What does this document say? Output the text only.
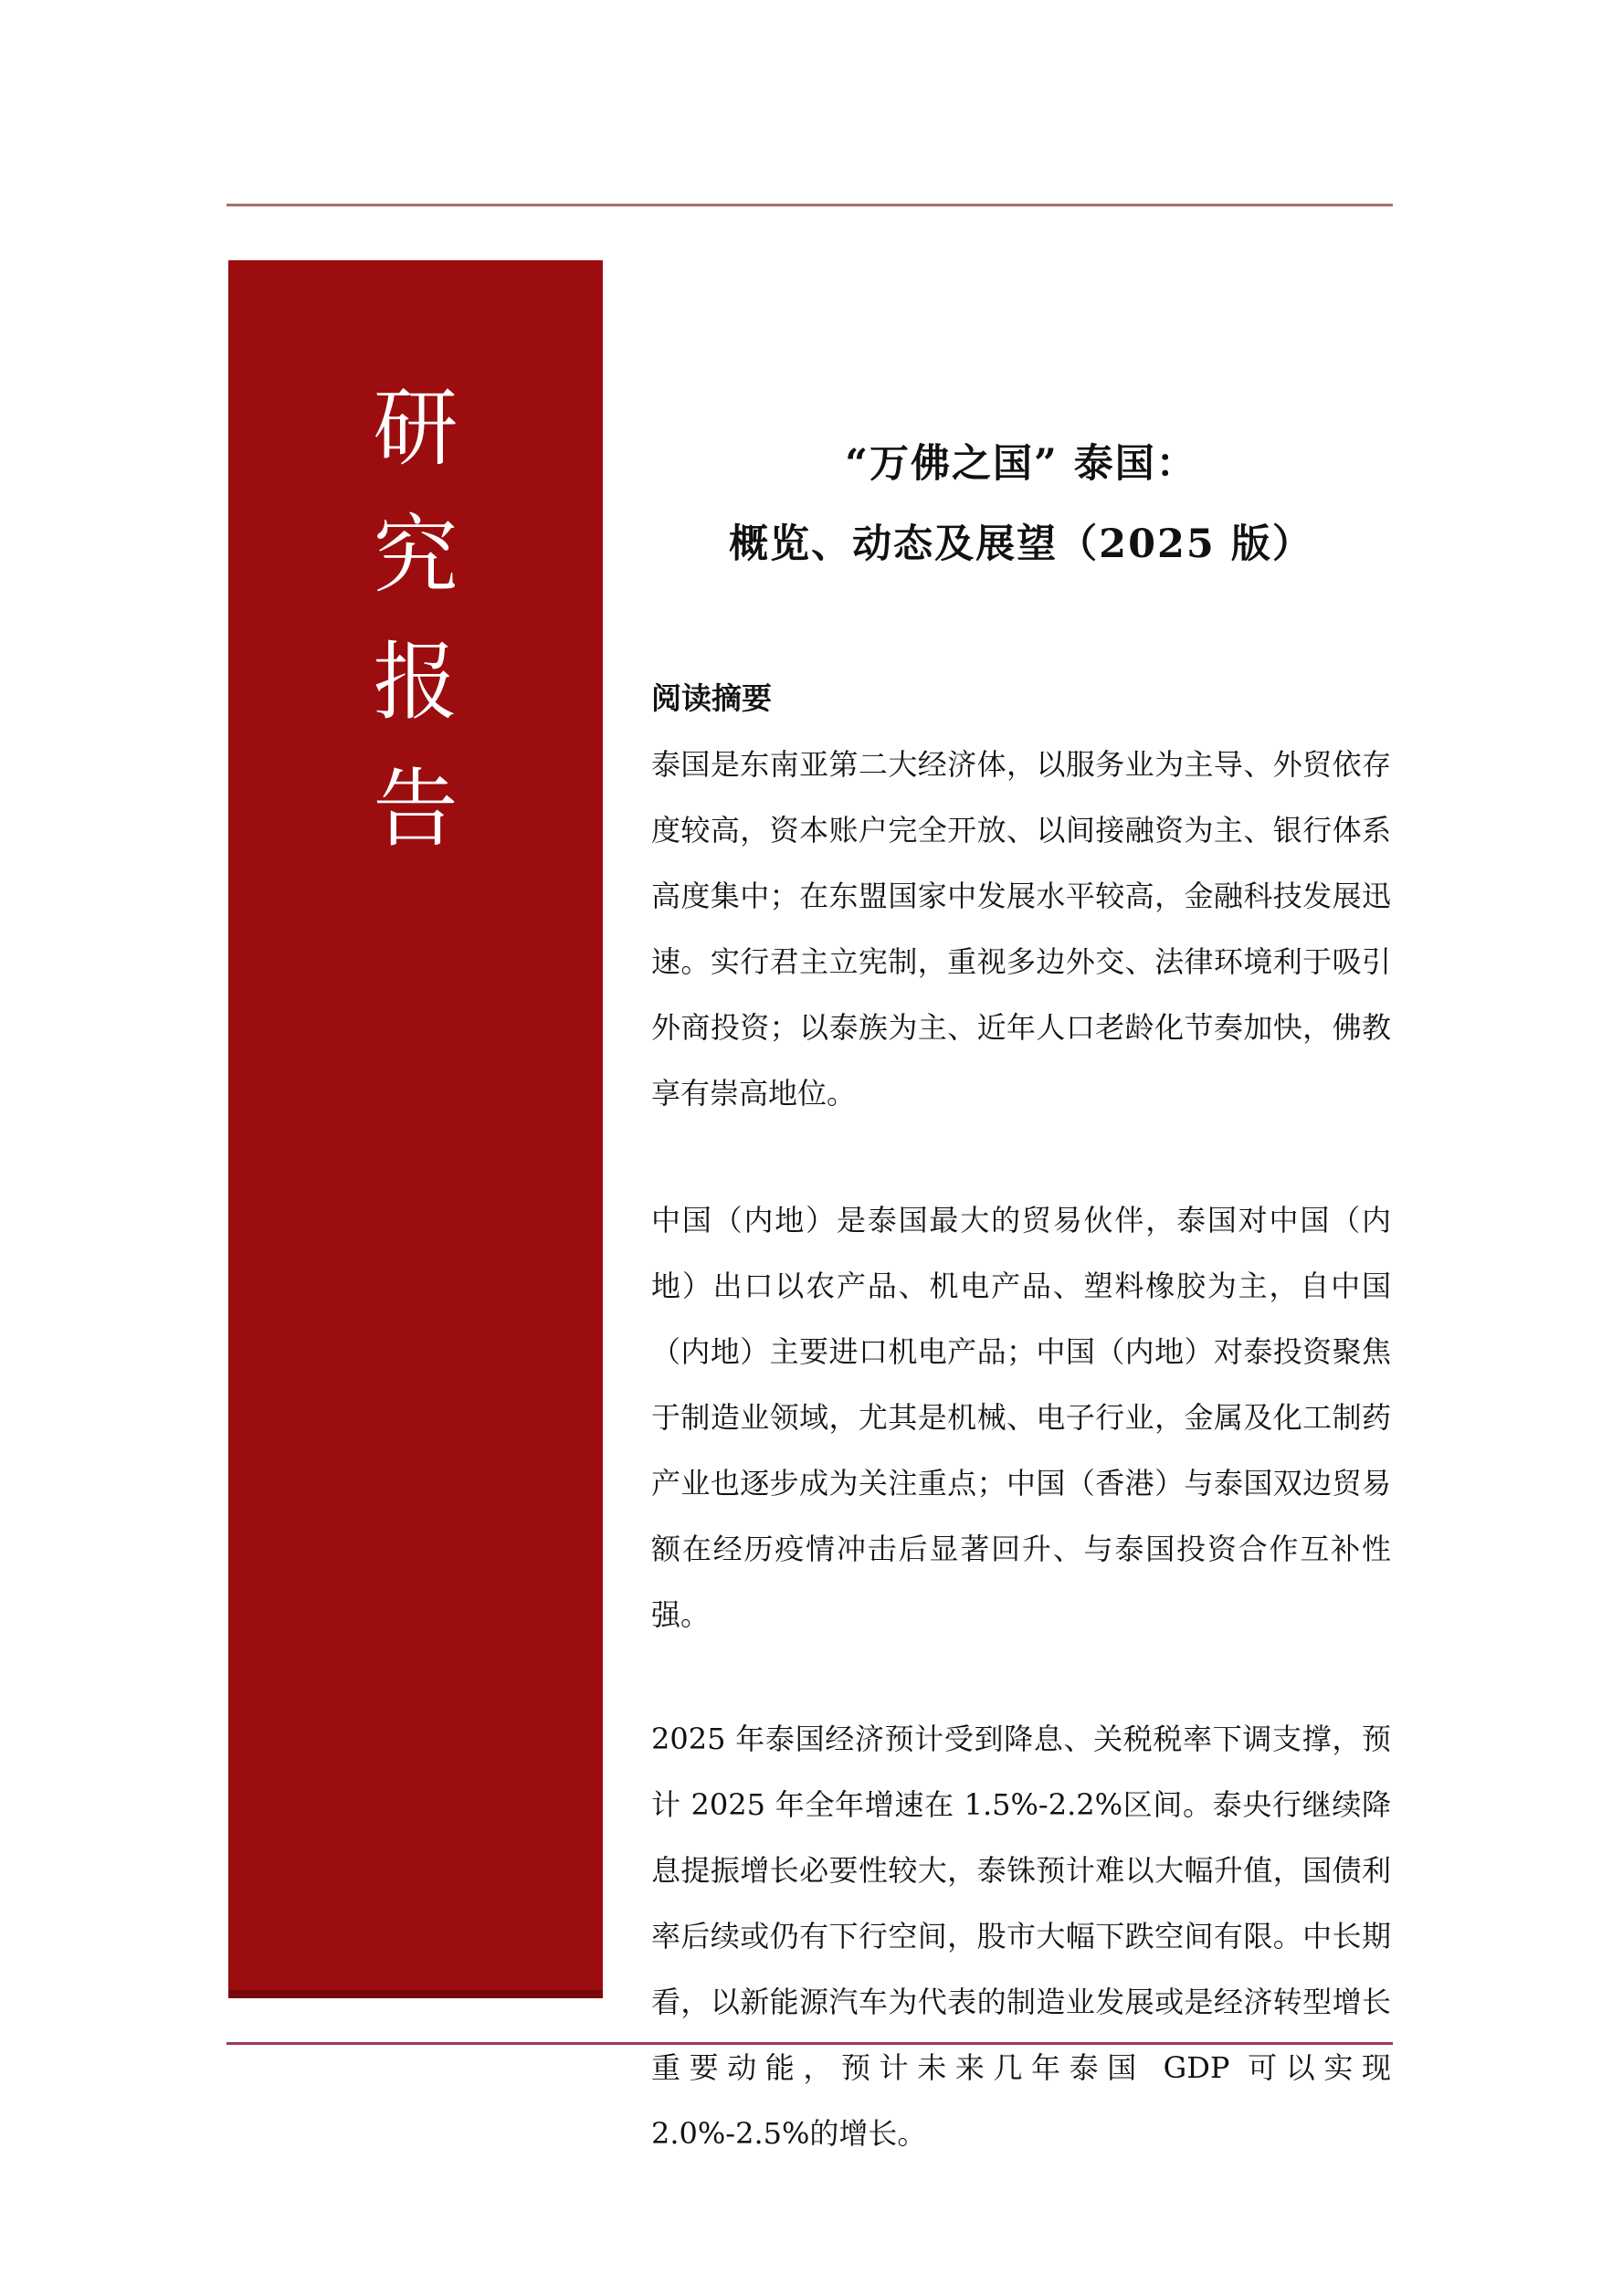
研
究
报
告
“万佛之国” 泰国：
概览、动态及展望（2025 版）
阅读摘要

泰国是东南亚第二大经济体，以服务业为主导、外贸依存度较高，资本账户完全开放、以间接融资为主、银行体系高度集中；在东盟国家中发展水平较高，金融科技发展迅速。实行君主立宪制，重视多边外交、法律环境利于吸引外商投资；以泰族为主、近年人口老龄化节奏加快，佛教享有崇高地位。

中国（内地）是泰国最大的贸易伙伴，泰国对中国（内地）出口以农产品、机电产品、塑料橡胶为主，自中国（内地）主要进口机电产品；中国（内地）对泰投资聚焦于制造业领域，尤其是机械、电子行业，金属及化工制药产业也逐步成为关注重点；中国（香港）与泰国双边贸易额在经历疫情冲击后显著回升、与泰国投资合作互补性强。

2025 年泰国经济预计受到降息、关税税率下调支撑，预计 2025 年全年增速在 1.5%-2.2%区间。泰央行继续降息提振增长必要性较大，泰铢预计难以大幅升值，国债利率后续或仍有下行空间，股市大幅下跌空间有限。中长期看，以新能源汽车为代表的制造业发展或是经济转型增长重要动能，预计未来几年泰国 GDP 可以实现 2.0%-2.5%的增长。
